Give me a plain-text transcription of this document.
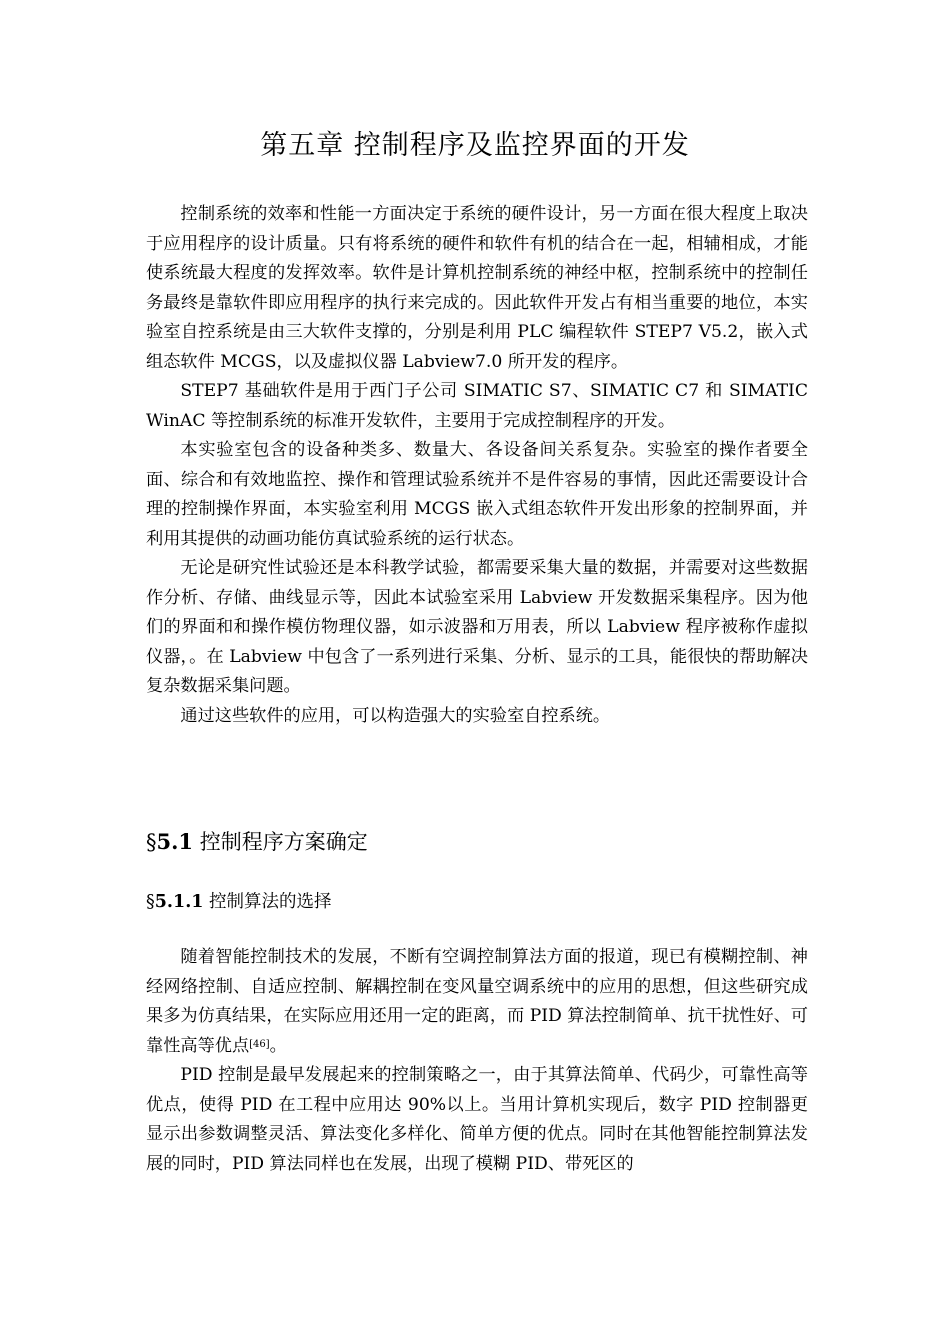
第五章 控制程序及监控界面的开发

控制系统的效率和性能一方面决定于系统的硬件设计，另一方面在很大程度上取决于应用程序的设计质量。只有将系统的硬件和软件有机的结合在一起，相辅相成，才能使系统最大程度的发挥效率。软件是计算机控制系统的神经中枢，控制系统中的控制任务最终是靠软件即应用程序的执行来完成的。因此软件开发占有相当重要的地位，本实验室自控系统是由三大软件支撑的，分别是利用 PLC 编程软件 STEP7 V5.2，嵌入式组态软件 MCGS，以及虚拟仪器 Labview7.0 所开发的程序。

STEP7 基础软件是用于西门子公司 SIMATIC S7、SIMATIC C7 和 SIMATIC WinAC 等控制系统的标准开发软件，主要用于完成控制程序的开发。

本实验室包含的设备种类多、数量大、各设备间关系复杂。实验室的操作者要全面、综合和有效地监控、操作和管理试验系统并不是件容易的事情，因此还需要设计合理的控制操作界面，本实验室利用 MCGS 嵌入式组态软件开发出形象的控制界面，并利用其提供的动画功能仿真试验系统的运行状态。

无论是研究性试验还是本科教学试验，都需要采集大量的数据，并需要对这些数据作分析、存储、曲线显示等，因此本试验室采用 Labview 开发数据采集程序。因为他们的界面和和操作模仿物理仪器，如示波器和万用表，所以 Labview 程序被称作虚拟仪器，。在 Labview 中包含了一系列进行采集、分析、显示的工具，能很快的帮助解决复杂数据采集问题。

通过这些软件的应用，可以构造强大的实验室自控系统。

§5.1 控制程序方案确定
§5.1.1 控制算法的选择

随着智能控制技术的发展，不断有空调控制算法方面的报道，现已有模糊控制、神经网络控制、自适应控制、解耦控制在变风量空调系统中的应用的思想，但这些研究成果多为仿真结果，在实际应用还用一定的距离，而 PID 算法控制简单、抗干扰性好、可靠性高等优点[46]。

PID 控制是最早发展起来的控制策略之一，由于其算法简单、代码少，可靠性高等优点，使得 PID 在工程中应用达 90%以上。当用计算机实现后，数字 PID 控制器更显示出参数调整灵活、算法变化多样化、简单方便的优点。同时在其他智能控制算法发展的同时，PID 算法同样也在发展，出现了模糊 PID、带死区的
